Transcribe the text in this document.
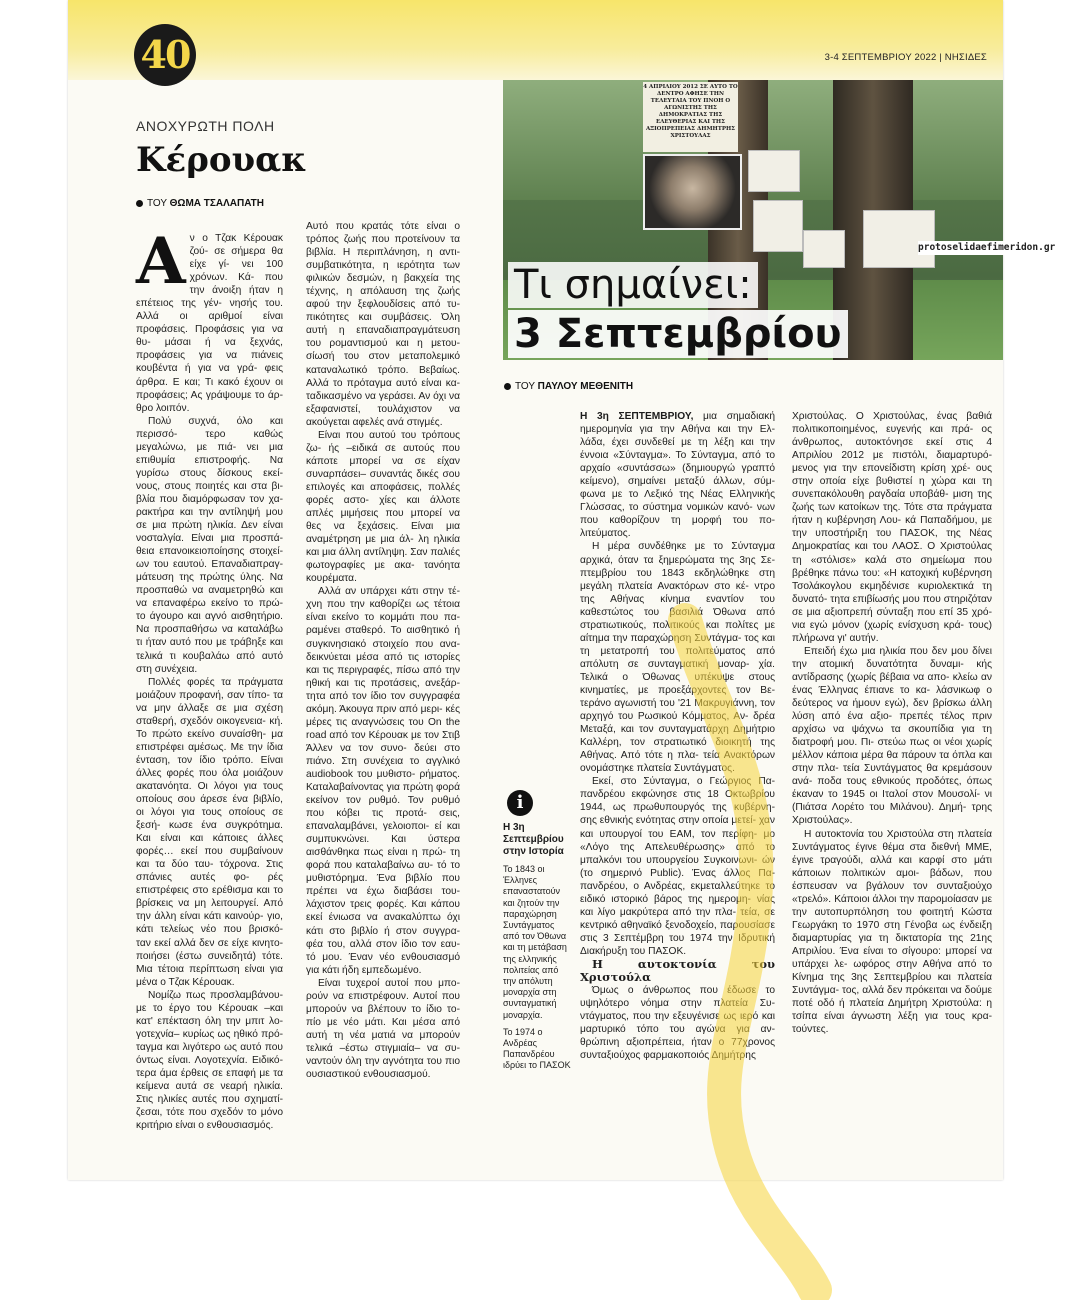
40	3-4 ΣΕΠΤΕΜΒΡΙΟΥ 2022 | ΝΗΣΙΔΕΣ
ΑΝΟΧΥΡΩΤΗ ΠΟΛΗ
Κέρουακ
ΤΟΥ ΘΩΜΑ ΤΣΑΛΑΠΑΤΗ

Αν ο Τζακ Κέρουακ ζού- σε σήμερα θα είχε γί- νει 100 χρόνων. Κά- που την άνοιξη ήταν η επέτειος της γέν- νησής του. Αλλά οι αριθμοί είναι προφάσεις. Προφάσεις για να θυ- μάσαι ή να ξεχνάς, προφάσεις για να πιάνεις κουβέντα ή για να γρά- φεις άρθρα. Ε και; Τι κακό έχουν οι προφάσεις; Ας γράψουμε το άρ- θρο λοιπόν.

Πολύ συχνά, όλο και περισσό- τερο καθώς μεγαλώνω, με πιά- νει μια επιθυμία επιστροφής. Να γυρίσω στους δίσκους εκεί- νους, στους ποιητές και στα βι- βλία που διαμόρφωσαν τον χα- ρακτήρα και την αντίληψή μου σε μια πρώτη ηλικία. Δεν είναι νοσταλγία. Είναι μια προσπά- θεια επανοικειοποίησης στοιχεί- ων του εαυτού. Επαναδιαπραγ- μάτευση της πρώτης ύλης. Να προσπαθώ να αναμετρηθώ και να επαναφέρω εκείνο το πρώ- το άγουρο και αγνό αισθητήριο. Να προσπαθήσω να καταλάβω τι ήταν αυτό που με τράβηξε και τελικά τι κουβαλάω από αυτό στη συνέχεια.

Πολλές φορές τα πράγματα μοιάζουν προφανή, σαν τίπο- τα να μην άλλαξε σε μια σχέση σταθερή, σχεδόν οικογενεια- κή. Το πρώτο εκείνο συναίσθη- μα επιστρέφει αμέσως. Με την ίδια ένταση, τον ίδιο τρόπο. Είναι άλλες φορές που όλα μοιάζουν ακατανόητα. Οι λόγοι για τους οποίους σου άρεσε ένα βιβλίο, οι λόγοι για τους οποίους σε ξεσή- κωσε ένα συγκρότημα. Και είναι και κάποιες άλλες φορές… εκεί που συμβαίνουν και τα δύο ταυ- τόχρονα. Στις σπάνιες αυτές φο- ρές επιστρέφεις στο ερέθισμα και το βρίσκεις να μη λειτουργεί. Από την άλλη είναι κάτι καινούρ- γιο, κάτι τελείως νέο που βρισκό- ταν εκεί αλλά δεν σε είχε κινητο- ποιήσει (έστω συνειδητά) τότε. Μια τέτοια περίπτωση είναι για μένα ο Τζακ Κέρουακ.

Νομίζω πως προσλαμβάνου- με το έργο του Κέρουακ –και κατ' επέκταση όλη την μπιτ λο- γοτεχνία– κυρίως ως ηθικό πρό- ταγμα και λιγότερο ως αυτό που όντως είναι. Λογοτεχνία. Ειδικό- τερα άμα έρθεις σε επαφή με τα κείμενα αυτά σε νεαρή ηλικία. Στις ηλικίες αυτές που σχηματί- ζεσαι, τότε που σχεδόν το μόνο κριτήριο είναι ο ενθουσιασμός.

Αυτό που κρατάς τότε είναι ο τρόπος ζωής που προτείνουν τα βιβλία. Η περιπλάνηση, η αντι- συμβατικότητα, η ιερότητα των φιλικών δεσμών, η βακχεία της τέχνης, η απόλαυση της ζωής αφού την ξεφλουδίσεις από τυ- πικότητες και συμβάσεις. Όλη αυτή η επαναδιαπραγμάτευση του ρομαντισμού και η μετου- σίωσή του στον μεταπολεμικό καταναλωτικό τρόπο. Βεβαίως. Αλλά το πρόταγμα αυτό είναι κα- ταδικασμένο να γεράσει. Αν όχι να εξαφανιστεί, τουλάχιστον να ακούγεται αφελές ανά στιγμές.

Είναι που αυτού του τρόπους ζω- ής –ειδικά σε αυτούς που κάποτε μπορεί να σε είχαν συναρπάσει– συναντάς δικές σου επιλογές και αποφάσεις, πολλές φορές αστο- χίες και άλλοτε απλές μιμήσεις που μπορεί να θες να ξεχάσεις. Είναι μια αναμέτρηση με μια άλ- λη ηλικία και μια άλλη αντίληψη. Σαν παλιές φωτογραφίες με ακα- τανόητα κουρέματα.

Αλλά αν υπάρχει κάτι στην τέ- χνη που την καθορίζει ως τέτοια είναι εκείνο το κομμάτι που πα- ραμένει σταθερό. Το αισθητικό ή συγκινησιακό στοιχείο που ανα- δεικνύεται μέσα από τις ιστορίες και τις περιγραφές, πίσω από την ηθική και τις προτάσεις, ανεξάρ- τητα από τον ίδιο τον συγγραφέα ακόμη. Άκουγα πριν από μερι- κές μέρες τις αναγνώσεις του On the road από τον Κέρουακ με τον Στιβ Άλλεν να τον συνο- δεύει στο πιάνο. Στη συνέχεια το αγγλικό audiobook του μυθιστο- ρήματος. Καταλαβαίνοντας για πρώτη φορά εκείνον τον ρυθμό. Τον ρυθμό που κόβει τις προτά- σεις, επαναλαμβάνει, γελοιοποι- εί και συμπυκνώνει. Και ύστερα αισθάνθηκα πως είναι η πρώ- τη φορά που καταλαβαίνω αυ- τό το μυθιστόρημα. Ένα βιβλίο που πρέπει να έχω διαβάσει του- λάχιστον τρεις φορές. Και κάπου εκεί ένιωσα να ανακαλύπτω όχι κάτι στο βιβλίο ή στον συγγρα- φέα του, αλλά στον ίδιο τον εαυ- τό μου. Έναν νέο ενθουσιασμό για κάτι ήδη εμπεδωμένο.

Είναι τυχεροί αυτοί που μπο- ρούν να επιστρέφουν. Αυτοί που μπορούν να βλέπουν το ίδιο το- πίο με νέο μάτι. Και μέσα από αυτή τη νέα ματιά να μπορούν τελικά –έστω στιγμιαία– να συ- ναντούν όλη την αγνότητα του πιο ουσιαστικού ενθουσιασμού.

4 ΑΠΡΙΛΙΟΥ 2012 ΣΕ ΑΥΤΟ ΤΟ ΔΕΝΤΡΟ ΑΦΗΣΕ ΤΗΝ ΤΕΛΕΥΤΑΙΑ ΤΟΥ ΠΝΟΗ Ο ΑΓΩΝΙΣΤΗΣ ΤΗΣ ΔΗΜΟΚΡΑΤΙΑΣ ΤΗΣ ΕΛΕΥΘΕΡΙΑΣ ΚΑΙ ΤΗΣ ΑΞΙΟΠΡΕΠΕΙΑΣ ΔΗΜΗΤΡΗΣ ΧΡΙΣΤΟΥΛΑΣ
Τι σημαίνει:
3 Σεπτεμβρίου
ΤΟΥ ΠΑΥΛΟΥ ΜΕΘΕΝΙΤΗ
i
Η 3η Σεπτεμβρίου στην Ιστορία
Το 1843 οι Έλληνες επαναστατούν και ζητούν την παραχώρηση Συντάγματος από τον Όθωνα και τη μετάβαση της ελληνικής πολιτείας από την απόλυτη μοναρχία στη συνταγματική μοναρχία.
Το 1974 ο Ανδρέας Παπανδρέου ιδρύει το ΠΑΣΟΚ

Η 3η ΣΕΠΤΕΜΒΡΙΟΥ, μια σημαδιακή ημερομηνία για την Αθήνα και την Ελ- λάδα, έχει συνδεθεί με τη λέξη και την έννοια «Σύνταγμα». Το Σύνταγμα, από το αρχαίο «συντάσσω» (δημιουργώ γραπτό κείμενο), σημαίνει μεταξύ άλλων, σύμ- φωνα με το Λεξικό της Νέας Ελληνικής Γλώσσας, το σύστημα νομικών κανό- νων που καθορίζουν τη μορφή του πο- λιτεύματος.

Η μέρα συνδέθηκε με το Σύνταγμα αρχικά, όταν τα ξημερώματα της 3ης Σε- πτεμβρίου του 1843 εκδηλώθηκε στη μεγάλη πλατεία Ανακτόρων στο κέ- ντρο της Αθήνας κίνημα εναντίον του καθεστώτος του βασιλιά Όθωνα από στρατιωτικούς, πολιτικούς και πολίτες με αίτημα την παραχώρηση Συντάγμα- τος και τη μετατροπή του πολιτεύματος από απόλυτη σε συνταγματική μοναρ- χία. Τελικά ο Όθωνας υπέκυψε στους κινηματίες, με προεξάρχοντες τον Βε- τεράνο αγωνιστή του '21 Μακρυγιάννη, τον αρχηγό του Ρωσικού Κόμματος, Αν- δρέα Μεταξά, και τον συνταγματάρχη Δημήτριο Καλλέρη, τον στρατιωτικό διοικητή της Αθήνας. Από τότε η πλα- τεία Ανακτόρων ονομάστηκε πλατεία Συντάγματος.

Εκεί, στο Σύνταγμα, ο Γεώργιος Πα- πανδρέου εκφώνησε στις 18 Οκτωβρίου 1944, ως πρωθυπουργός της κυβέρνη- σης εθνικής ενότητας στην οποία μετεί- χαν και υπουργοί του ΕΑΜ, τον περίφη- μο «Λόγο της Απελευθέρωσης» από το μπαλκόνι του υπουργείου Συγκοινωνι- ών (το σημερινό Public). Ένας άλλος Πα- πανδρέου, ο Ανδρέας, εκμεταλλεύτηκε το ειδικό ιστορικό βάρος της ημερομη- νίας και λίγο μακρύτερα από την πλα- τεία, σε κεντρικό αθηναϊκό ξενοδοχείο, παρουσίασε στις 3 Σεπτέμβρη του 1974 την Ιδρυτική Διακήρυξη του ΠΑΣΟΚ.

Η αυτοκτονία του Χριστούλα

Όμως ο άνθρωπος που έδωσε το υψηλότερο νόημα στην πλατεία Συ- ντάγματος, που την εξευγένισε ως ιερό και μαρτυρικό τόπο του αγώνα για αν- θρώπινη αξιοπρέπεια, ήταν ο 77χρονος συνταξιούχος φαρμακοποιός Δημήτρης

Χριστούλας. Ο Χριστούλας, ένας βαθιά πολιτικοποιημένος, ευγενής και πρά- ος άνθρωπος, αυτοκτόνησε εκεί στις 4 Απριλίου 2012 με πιστόλι, διαμαρτυρό- μενος για την επονείδιστη κρίση χρέ- ους στην οποία είχε βυθιστεί η χώρα και τη συνεπακόλουθη ραγδαία υποβάθ- μιση της ζωής των κατοίκων της. Τότε στα πράγματα ήταν η κυβέρνηση Λου- κά Παπαδήμου, με την υποστήριξη του ΠΑΣΟΚ, της Νέας Δημοκρατίας και του ΛΑΟΣ. Ο Χριστούλας τη «στόλισε» καλά στο σημείωμα που βρέθηκε πάνω του: «Η κατοχική κυβέρνηση Τσολάκογλου εκμηδένισε κυριολεκτικά τη δυνατό- τητα επιβίωσής μου που στηριζόταν σε μια αξιοπρεπή σύνταξη που επί 35 χρό- νια εγώ μόνον (χωρίς ενίσχυση κρά- τους) πλήρωνα γι' αυτήν.

Επειδή έχω μια ηλικία που δεν μου δίνει την ατομική δυνατότητα δυναμι- κής αντίδρασης (χωρίς βέβαια να απο- κλείω αν ένας Έλληνας έπιανε το κα- λάσνικωφ ο δεύτερος να ήμουν εγώ), δεν βρίσκω άλλη λύση από ένα αξιο- πρεπές τέλος πριν αρχίσω να ψάχνω τα σκουπίδια για τη διατροφή μου. Πι- στεύω πως οι νέοι χωρίς μέλλον κάποια μέρα θα πάρουν τα όπλα και στην πλα- τεία Συντάγματος θα κρεμάσουν ανά- ποδα τους εθνικούς προδότες, όπως έκαναν το 1945 οι Ιταλοί στον Μουσολί- νι (Πιάτσα Λορέτο του Μιλάνου). Δημή- τρης Χριστούλας».

Η αυτοκτονία του Χριστούλα στη πλατεία Συντάγματος έγινε θέμα στα διεθνή ΜΜΕ, έγινε τραγούδι, αλλά και καρφί στο μάτι κάποιων πολιτικών αμοι- βάδων, που έσπευσαν να βγάλουν τον συνταξιούχο «τρελό». Κάποιοι άλλοι την παρομοίασαν με την αυτοπυρπόληση του φοιτητή Κώστα Γεωργάκη το 1970 στη Γένοβα ως ένδειξη διαμαρτυρίας για τη δικτατορία της 21ης Απριλίου. Ένα είναι το σίγουρο: μπορεί να υπάρχει λε- ωφόρος στην Αθήνα από το Κίνημα της 3ης Σεπτεμβρίου και πλατεία Συντάγμα- τος, αλλά δεν πρόκειται να δούμε ποτέ οδό ή πλατεία Δημήτρη Χριστούλα: η τσίπα είναι άγνωστη λέξη για τους κρα- τούντες.

protoselidaefimeridon.gr
